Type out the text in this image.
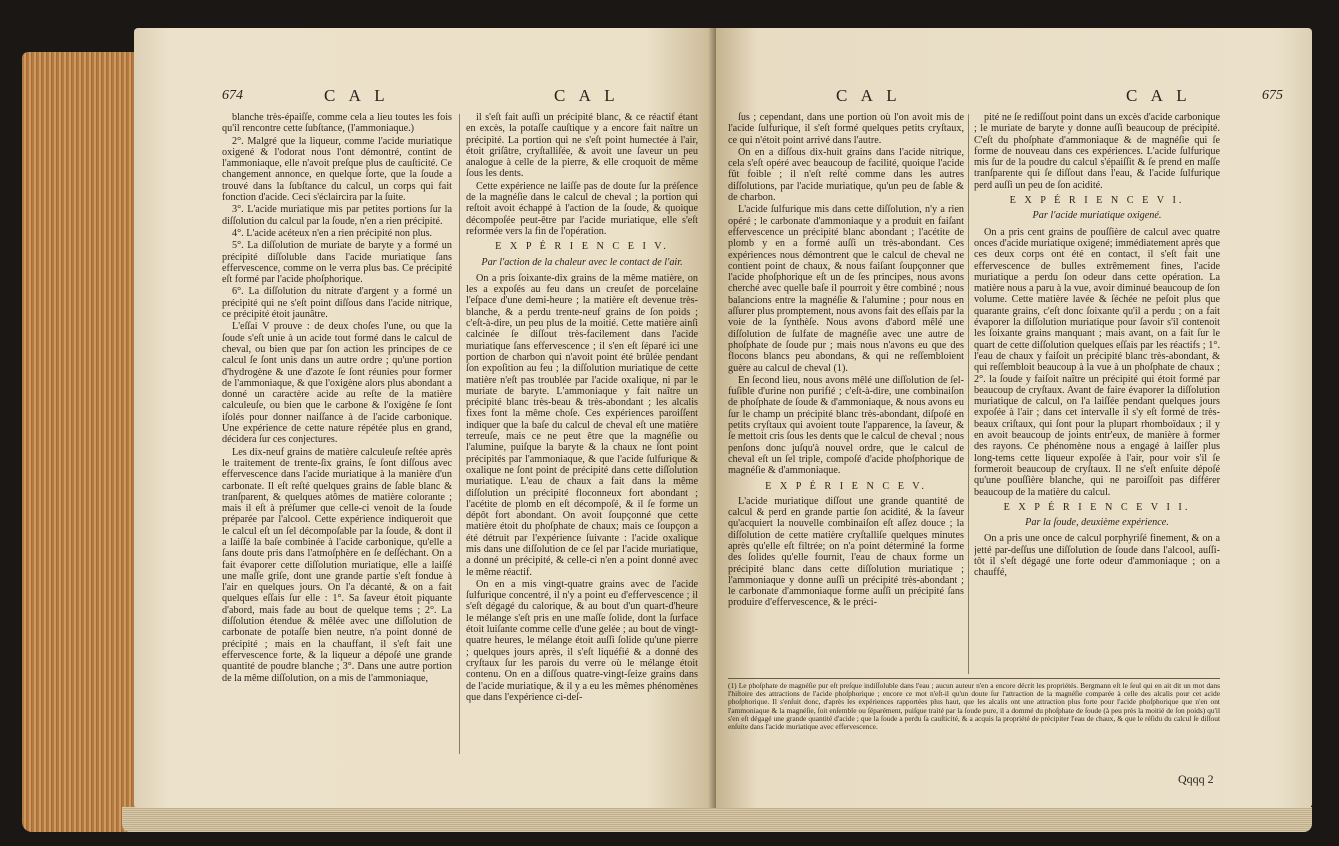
674	C A L	C A L

blanche très-épaiſſe, comme cela a lieu toutes les fois qu'il rencontre cette ſubſtance, (l'ammoniaque.)

2°. Malgré que la liqueur, comme l'acide muriatique oxigené & l'odorat nous l'ont démontré, contint de l'ammoniaque, elle n'avoit preſque plus de cauſticité. Ce changement annonce, en quelque ſorte, que la ſoude a trouvé dans la ſubſtance du calcul, un corps qui fait fonction d'acide. Ceci s'éclaircira par la ſuite.

3°. L'acide muriatique mis par petites portions ſur la diſſolution du calcul par la ſoude, n'en a rien précipité.

4°. L'acide acéteux n'en a rien précipité non plus.

5°. La diſſolution de muriate de baryte y a formé un précipité diſſoluble dans l'acide muriatique ſans effervescence, comme on le verra plus bas. Ce précipité eſt formé par l'acide phoſphorique.

6°. La diſſolution du nitrate d'argent y a formé un précipité qui ne s'eſt point diſſous dans l'acide nitrique, ce précipité étoit jaunâtre.

L'eſſai V prouve : de deux choſes l'une, ou que la ſoude s'eſt unie à un acide tout formé dans le calcul de cheval, ou bien que par ſon action les principes de ce calcul ſe ſont unis dans un autre ordre ; qu'une portion d'hydrogène & une d'azote ſe ſont réunies pour former de l'ammoniaque, & que l'oxigène alors plus abondant a donné un caractère acide au reſte de la matière calculeuſe, ou bien que le carbone & l'oxigène ſe ſont iſolés pour donner naiſſance à de l'acide carbonique. Une expérience de cette nature répétée plus en grand, décidera ſur ces conjectures.

Les dix-neuf grains de matière calculeuſe reſtée après le traitement de trente-ſix grains, ſe ſont diſſous avec effervescence dans l'acide muriatique à la manière d'un carbonate. Il eſt reſté quelques grains de ſable blanc & tranſparent, & quelques atômes de matière colorante ; mais il eſt à préſumer que celle-ci venoit de la ſoude préparée par l'alcool. Cette expérience indiqueroit que le calcul eſt un ſel décompoſable par la ſoude, & dont il a laiſſé la baſe combinée à l'acide carbonique, qu'elle a ſans doute pris dans l'atmoſphère en ſe deſſéchant. On a fait évaporer cette diſſolution muriatique, elle a laiſſé une maſſe griſe, dont une grande partie s'eſt fondue à l'air en quelques jours. On l'a décanté, & on a fait quelques eſſais ſur elle : 1°. Sa ſaveur étoit piquante d'abord, mais fade au bout de quelque tems ; 2°. La diſſolution étendue & mêlée avec une diſſolution de carbonate de potaſſe bien neutre, n'a point donné de précipité ; mais en la chauffant, il s'eſt fait une effervescence forte, & la liqueur a dépoſé une grande quantité de poudre blanche ; 3°. Dans une autre portion de la même diſſolution, on a mis de l'ammoniaque,

il s'eſt fait auſſi un précipité blanc, & ce réactif étant en excès, la potaſſe cauſtique y a encore fait naître un précipité. La portion qui ne s'eſt point humectée à l'air, étoit griſâtre, cryſtalliſée, & avoit une ſaveur un peu analogue à celle de la pierre, & elle croquoit de même ſous les dents.

Cette expérience ne laiſſe pas de doute ſur la préſence de la magnéſie dans le calcul de cheval ; la portion qui reſtoit avoit échappé à l'action de la ſoude, & quoique décompoſée peut-être par l'acide muriatique, elle s'eſt reformée vers la fin de l'opération.

E X P É R I E N C E I V.

Par l'action de la chaleur avec le contact de l'air.

On a pris ſoixante-dix grains de la même matière, on les a expoſés au feu dans un creuſet de porcelaine l'eſpace d'une demi-heure ; la matière eſt devenue très-blanche, & a perdu trente-neuf grains de ſon poids ; c'eſt-à-dire, un peu plus de la moitié. Cette matière ainſi calcinée ſe diſſout très-facilement dans l'acide muriatique ſans effervescence ; il s'en eſt ſéparé ici une portion de charbon qui n'avoit point été brûlée pendant ſon expoſition au feu ; la diſſolution muriatique de cette matière n'eſt pas troublée par l'acide oxalique, ni par le muriate de baryte. L'ammoniaque y fait naître un précipité blanc très-beau & très-abondant ; les alcalis fixes font la même choſe. Ces expériences paroiſſent indiquer que la baſe du calcul de cheval eſt une matière terreuſe, mais ce ne peut être que la magnéſie ou l'alumine, puiſque la baryte & la chaux ne ſont point précipités par l'ammoniaque, & que l'acide ſulfurique & oxalique ne ſont point de précipité dans cette diſſolution muriatique. L'eau de chaux a fait dans la même diſſolution un précipité floconneux fort abondant ; l'acétite de plomb en eſt décompoſé, & il ſe forme un dépôt fort abondant. On avoit ſoupçonné que cette matière étoit du phoſphate de chaux; mais ce ſoupçon a été détruit par l'expérience ſuivante : l'acide oxalique mis dans une diſſolution de ce ſel par l'acide muriatique, a donné un précipité, & celle-ci n'en a point donné avec le même réactif.

On en a mis vingt-quatre grains avec de l'acide ſulfurique concentré, il n'y a point eu d'effervescence ; il s'eſt dégagé du calorique, & au bout d'un quart-d'heure le mélange s'eſt pris en une maſſe ſolide, dont la ſurface étoit luiſante comme celle d'une gelée ; au bout de vingt-quatre heures, le mélange étoit auſſi ſolide qu'une pierre ; quelques jours après, il s'eſt liquéfié & a donné des cryſtaux ſur les parois du verre où le mélange étoit contenu. On en a diſſous quatre-vingt-ſeize grains dans de l'acide muriatique, & il y a eu les mêmes phénomènes que dans l'expérience ci-deſ-

C A L	C A L	675

ſus ; cependant, dans une portion où l'on avoit mis de l'acide ſulfurique, il s'eſt formé quelques petits cryſtaux, ce qui n'étoit point arrivé dans l'autre.

On en a diſſous dix-huit grains dans l'acide nitrique, cela s'eſt opéré avec beaucoup de facilité, quoique l'acide fût foible ; il n'eſt reſté comme dans les autres diſſolutions, par l'acide muriatique, qu'un peu de ſable & de charbon.

L'acide ſulfurique mis dans cette diſſolution, n'y a rien opéré ; le carbonate d'ammoniaque y a produit en faiſant effervescence un précipité blanc abondant ; l'acétite de plomb y en a formé auſſi un très-abondant. Ces expériences nous démontrent que le calcul de cheval ne contient point de chaux, & nous faiſant ſoupçonner que l'acide phoſphorique eſt un de ſes principes, nous avons cherché avec quelle baſe il pourroit y être combiné ; nous balancions entre la magnéſie & l'alumine ; pour nous en aſſurer plus promptement, nous avons fait des eſſais par la voie de la ſynthèſe. Nous avons d'abord mêlé une diſſolution de ſulfate de magnéſie avec une autre de phoſphate de ſoude pur ; mais nous n'avons eu que des flocons blancs peu abondans, & qui ne reſſembloient guère au calcul de cheval (1).

En ſecond lieu, nous avons mêlé une diſſolution de ſel-fuſible d'urine non purifié ; c'eſt-à-dire, une combinaiſon de phoſphate de ſoude & d'ammoniaque, & nous avons eu ſur le champ un précipité blanc très-abondant, diſpoſé en petits cryſtaux qui avoient toute l'apparence, la ſaveur, & ſe mettoit cris ſous les dents que le calcul de cheval ; nous penſons donc juſqu'à nouvel ordre, que le calcul de cheval eſt un ſel triple, compoſé d'acide phoſphorique de magnéſie & d'ammoniaque.

E X P É R I E N C E V.

L'acide muriatique diſſout une grande quantité de calcul & perd en grande partie ſon acidité, & la ſaveur qu'acquiert la nouvelle combinaiſon eſt aſſez douce ; la diſſolution de cette matière cryſtalliſe quelques minutes après qu'elle eſt filtrée; on n'a point déterminé la forme des ſolides qu'elle fournit, l'eau de chaux forme un précipité blanc dans cette diſſolution muriatique ; l'ammoniaque y donne auſſi un précipité très-abondant ; le carbonate d'ammoniaque forme auſſi un précipité ſans produire d'effervescence, & le préci-

pité ne ſe rediſſout point dans un excès d'acide carbonique ; le muriate de baryte y donne auſſi beaucoup de précipité. C'eſt du phoſphate d'ammoniaque & de magnéſie qui ſe forme de nouveau dans ces expériences. L'acide ſulfurique mis ſur de la poudre du calcul s'épaiſſit & ſe prend en maſſe tranſparente qui ſe diſſout dans l'eau, & l'acide ſulfurique perd auſſi un peu de ſon acidité.

E X P É R I E N C E V I.

Par l'acide muriatique oxigené.

On a pris cent grains de pouſſière de calcul avec quatre onces d'acide muriatique oxigené; immédiatement après que ces deux corps ont été en contact, il s'eſt fait une effervescence de bulles extrêmement fines, l'acide muriatique a perdu ſon odeur dans cette opération. La matière nous a paru à la vue, avoir diminué beaucoup de ſon volume. Cette matière lavée & ſéchée ne peſoit plus que quarante grains, c'eſt donc ſoixante qu'il a perdu ; on a fait évaporer la diſſolution muriatique pour ſavoir s'il contenoit les ſoixante grains manquant ; mais avant, on a fait ſur le quart de cette diſſolution quelques eſſais par les réactifs ; 1°. l'eau de chaux y faiſoit un précipité blanc très-abondant, & qui reſſembloit beaucoup à la vue à un phoſphate de chaux ; 2°. la ſoude y faiſoit naître un précipité qui étoit formé par beaucoup de cryſtaux. Avant de faire évaporer la diſſolution muriatique de calcul, on l'a laiſſée pendant quelques jours expoſée à l'air ; dans cet intervalle il s'y eſt formé de très-beaux criſtaux, qui ſont pour la plupart rhomboïdaux ; il y en avoit beaucoup de joints entr'eux, de manière à former des rayons. Ce phénomène nous a engagé à laiſſer plus long-tems cette liqueur expoſée à l'air, pour voir s'il ſe formeroit beaucoup de cryſtaux. Il ne s'eſt enſuite dépoſé qu'une pouſſière blanche, qui ne paroiſſoit pas différer beaucoup de la matière du calcul.

E X P É R I E N C E V I I.

Par la ſoude, deuxième expérience.

On a pris une once de calcul porphyriſé finement, & on a jetté par-deſſus une diſſolution de ſoude dans l'alcool, auſſi-tôt il s'eſt dégagé une forte odeur d'ammoniaque ; on a chauffé,

(1) Le phoſphate de magnéſie pur eſt preſque indiſſoluble dans l'eau ; aucun auteur n'en a encore décrit les propriétés. Bergmann eſt le ſeul qui en ait dit un mot dans l'hiſtoire des attractions de l'acide phoſphorique ; encore ce mot n'eſt-il qu'un doute ſur l'attraction de la magnéſie comparée à celle des alcalis pour cet acide phoſphorique. Il s'enſuit donc, d'après les expériences rapportées plus haut, que les alcalis ont une attraction plus forte pour l'acide phoſphorique que n'en ont l'ammoniaque & la magnéſie, ſoit enſemble ou ſéparément, puiſque traité par la ſoude pure, il a dommé du phoſphate de ſoude (à peu près la moitié de ſon poids) qu'il s'en eſt dégagé une grande quantité d'acide ; que la ſoude a perdu ſa cauſticité, & a acquis la propriété de précipiter l'eau de chaux, & que le réſidu du calcul ſe diſſout enſuite dans l'acide muriatique avec effervescence.
Qqqq 2
